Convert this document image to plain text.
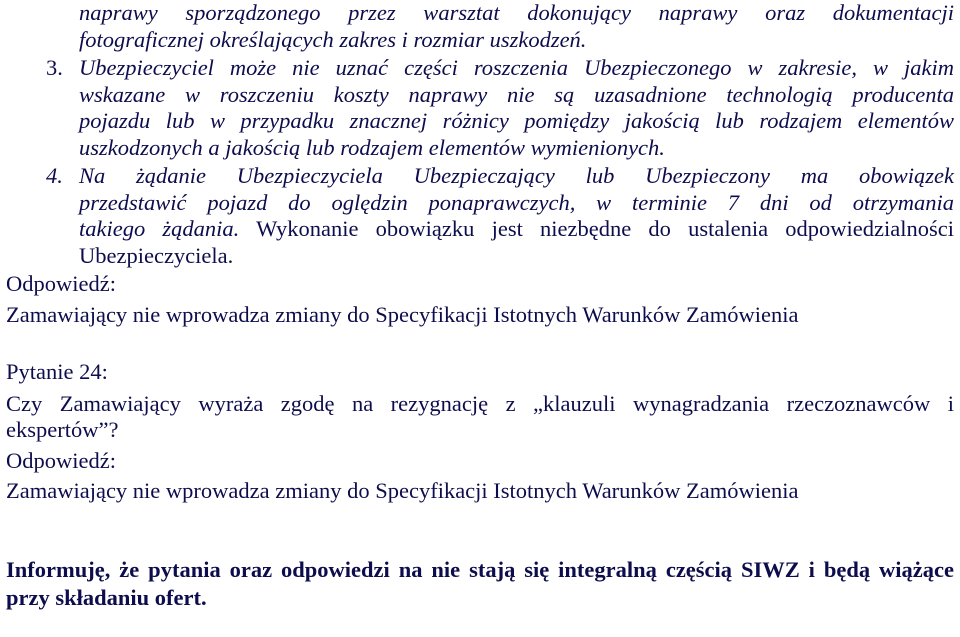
naprawy sporządzonego przez warsztat dokonujący naprawy oraz dokumentacji
fotograficznej określających zakres i rozmiar uszkodzeń.
3. Ubezpieczyciel może nie uznać części roszczenia Ubezpieczonego w zakresie, w jakim
wskazane w roszczeniu koszty naprawy nie są uzasadnione technologią producenta
pojazdu lub w przypadku znacznej różnicy pomiędzy jakością lub rodzajem elementów
uszkodzonych a jakością lub rodzajem elementów wymienionych.
4. Na żądanie Ubezpieczyciela Ubezpieczający lub Ubezpieczony ma obowiązek
przedstawić pojazd do oględzin ponaprawczych, w terminie 7 dni od otrzymania
takiego żądania. Wykonanie obowiązku jest niezbędne do ustalenia odpowiedzialności
Ubezpieczyciela.
Odpowiedź:
Zamawiający nie wprowadza zmiany do Specyfikacji Istotnych Warunków Zamówienia
Pytanie 24:
Czy Zamawiający wyraża zgodę na rezygnację z „klauzuli wynagradzania rzeczoznawców i
ekspertów”?
Odpowiedź:
Zamawiający nie wprowadza zmiany do Specyfikacji Istotnych Warunków Zamówienia
Informuję, że pytania oraz odpowiedzi na nie stają się integralną częścią SIWZ i będą wiążące
przy składaniu ofert.
